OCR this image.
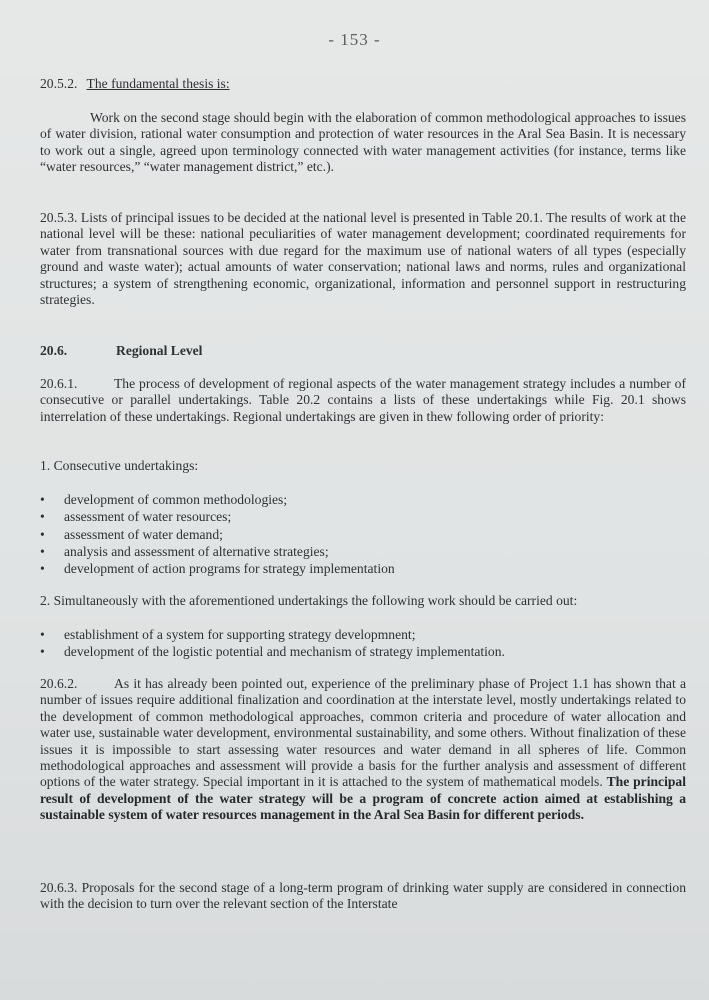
- 153 -
20.5.2. The fundamental thesis is:
Work on the second stage should begin with the elaboration of common methodological approaches to issues of water division, rational water consumption and protection of water resources in the Aral Sea Basin. It is necessary to work out a single, agreed upon terminology connected with water management activities (for instance, terms like “water resources,” “water management district,” etc.).
20.5.3. Lists of principal issues to be decided at the national level is presented in Table 20.1. The results of work at the national level will be these: national peculiarities of water management development; coordinated requirements for water from transnational sources with due regard for the maximum use of national waters of all types (especially ground and waste water); actual amounts of water conservation; national laws and norms, rules and organizational structures; a system of strengthening economic, organizational, information and personnel support in restructuring strategies.
20.6.	Regional Level
20.6.1.	The process of development of regional aspects of the water management strategy includes a number of consecutive or parallel undertakings. Table 20.2 contains a lists of these undertakings while Fig. 20.1 shows interrelation of these undertakings. Regional undertakings are given in thew following order of priority:
1. Consecutive undertakings:
• development of common methodologies;
• assessment of water resources;
• assessment of water demand;
• analysis and assessment of alternative strategies;
• development of action programs for strategy implementation
2. Simultaneously with the aforementioned undertakings the following work should be carried out:
• establishment of a system for supporting strategy developmnent;
• development of the logistic potential and mechanism of strategy implementation.
20.6.2.	As it has already been pointed out, experience of the preliminary phase of Project 1.1 has shown that a number of issues require additional finalization and coordination at the interstate level, mostly undertakings related to the development of common methodological approaches, common criteria and procedure of water allocation and water use, sustainable water development, environmental sustainability, and some others. Without finalization of these issues it is impossible to start assessing water resources and water demand in all spheres of life. Common methodological approaches and assessment will provide a basis for the further analysis and assessment of different options of the water strategy. Special important in it is attached to the system of mathematical models. The principal result of development of the water strategy will be a program of concrete action aimed at establishing a sustainable system of water resources management in the Aral Sea Basin for different periods.
20.6.3. Proposals for the second stage of a long-term program of drinking water supply are considered in connection with the decision to turn over the relevant section of the Interstate
